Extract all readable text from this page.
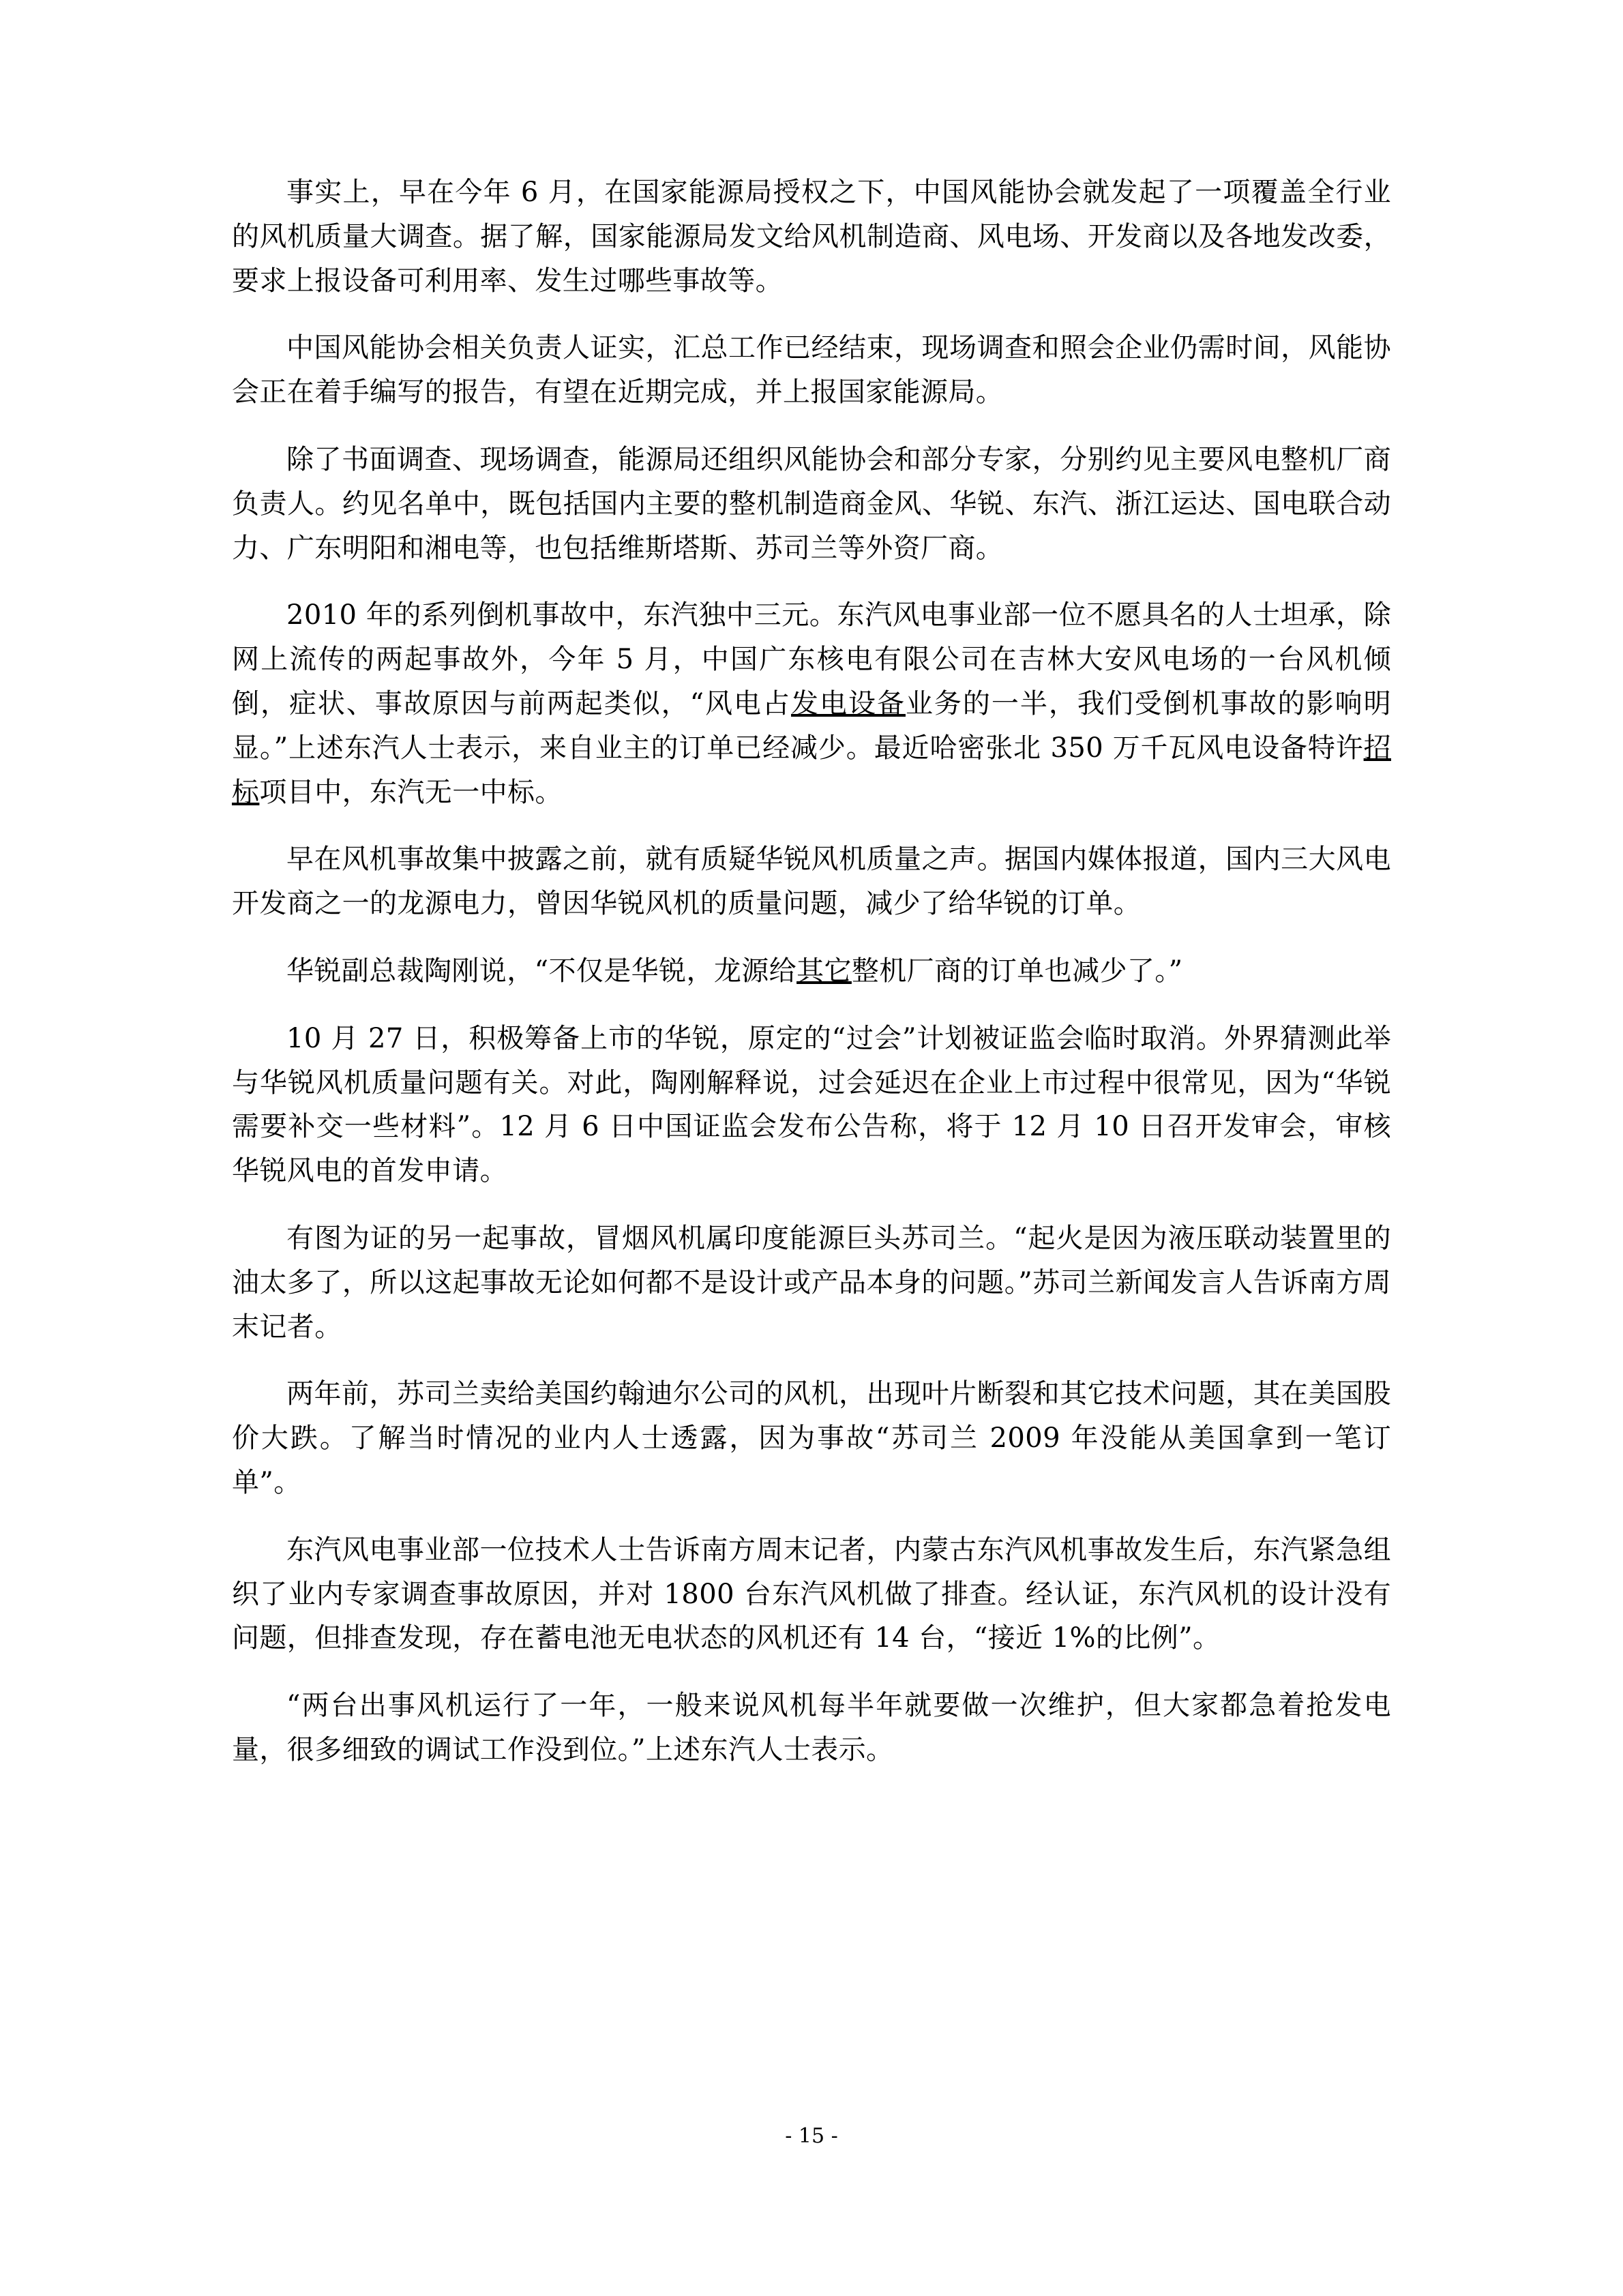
事实上，早在今年 6 月，在国家能源局授权之下，中国风能协会就发起了一项覆盖全行业的风机质量大调查。据了解，国家能源局发文给风机制造商、风电场、开发商以及各地发改委，要求上报设备可利用率、发生过哪些事故等。

中国风能协会相关负责人证实，汇总工作已经结束，现场调查和照会企业仍需时间，风能协会正在着手编写的报告，有望在近期完成，并上报国家能源局。

除了书面调查、现场调查，能源局还组织风能协会和部分专家，分别约见主要风电整机厂商负责人。约见名单中，既包括国内主要的整机制造商金风、华锐、东汽、浙江运达、国电联合动力、广东明阳和湘电等，也包括维斯塔斯、苏司兰等外资厂商。

2010 年的系列倒机事故中，东汽独中三元。东汽风电事业部一位不愿具名的人士坦承，除网上流传的两起事故外，今年 5 月，中国广东核电有限公司在吉林大安风电场的一台风机倾倒，症状、事故原因与前两起类似，“风电占发电设备业务的一半，我们受倒机事故的影响明显。”上述东汽人士表示，来自业主的订单已经减少。最近哈密张北 350 万千瓦风电设备特许招标项目中，东汽无一中标。

早在风机事故集中披露之前，就有质疑华锐风机质量之声。据国内媒体报道，国内三大风电开发商之一的龙源电力，曾因华锐风机的质量问题，减少了给华锐的订单。

华锐副总裁陶刚说，“不仅是华锐，龙源给其它整机厂商的订单也减少了。”

10 月 27 日，积极筹备上市的华锐，原定的“过会”计划被证监会临时取消。外界猜测此举与华锐风机质量问题有关。对此，陶刚解释说，过会延迟在企业上市过程中很常见，因为“华锐需要补交一些材料”。12 月 6 日中国证监会发布公告称，将于 12 月 10 日召开发审会，审核华锐风电的首发申请。

有图为证的另一起事故，冒烟风机属印度能源巨头苏司兰。“起火是因为液压联动装置里的油太多了，所以这起事故无论如何都不是设计或产品本身的问题。”苏司兰新闻发言人告诉南方周末记者。

两年前，苏司兰卖给美国约翰迪尔公司的风机，出现叶片断裂和其它技术问题，其在美国股价大跌。了解当时情况的业内人士透露，因为事故“苏司兰 2009 年没能从美国拿到一笔订单”。

东汽风电事业部一位技术人士告诉南方周末记者，内蒙古东汽风机事故发生后，东汽紧急组织了业内专家调查事故原因，并对 1800 台东汽风机做了排查。经认证，东汽风机的设计没有问题，但排查发现，存在蓄电池无电状态的风机还有 14 台，“接近 1%的比例”。

“两台出事风机运行了一年，一般来说风机每半年就要做一次维护，但大家都急着抢发电量，很多细致的调试工作没到位。”上述东汽人士表示。

- 15 -
